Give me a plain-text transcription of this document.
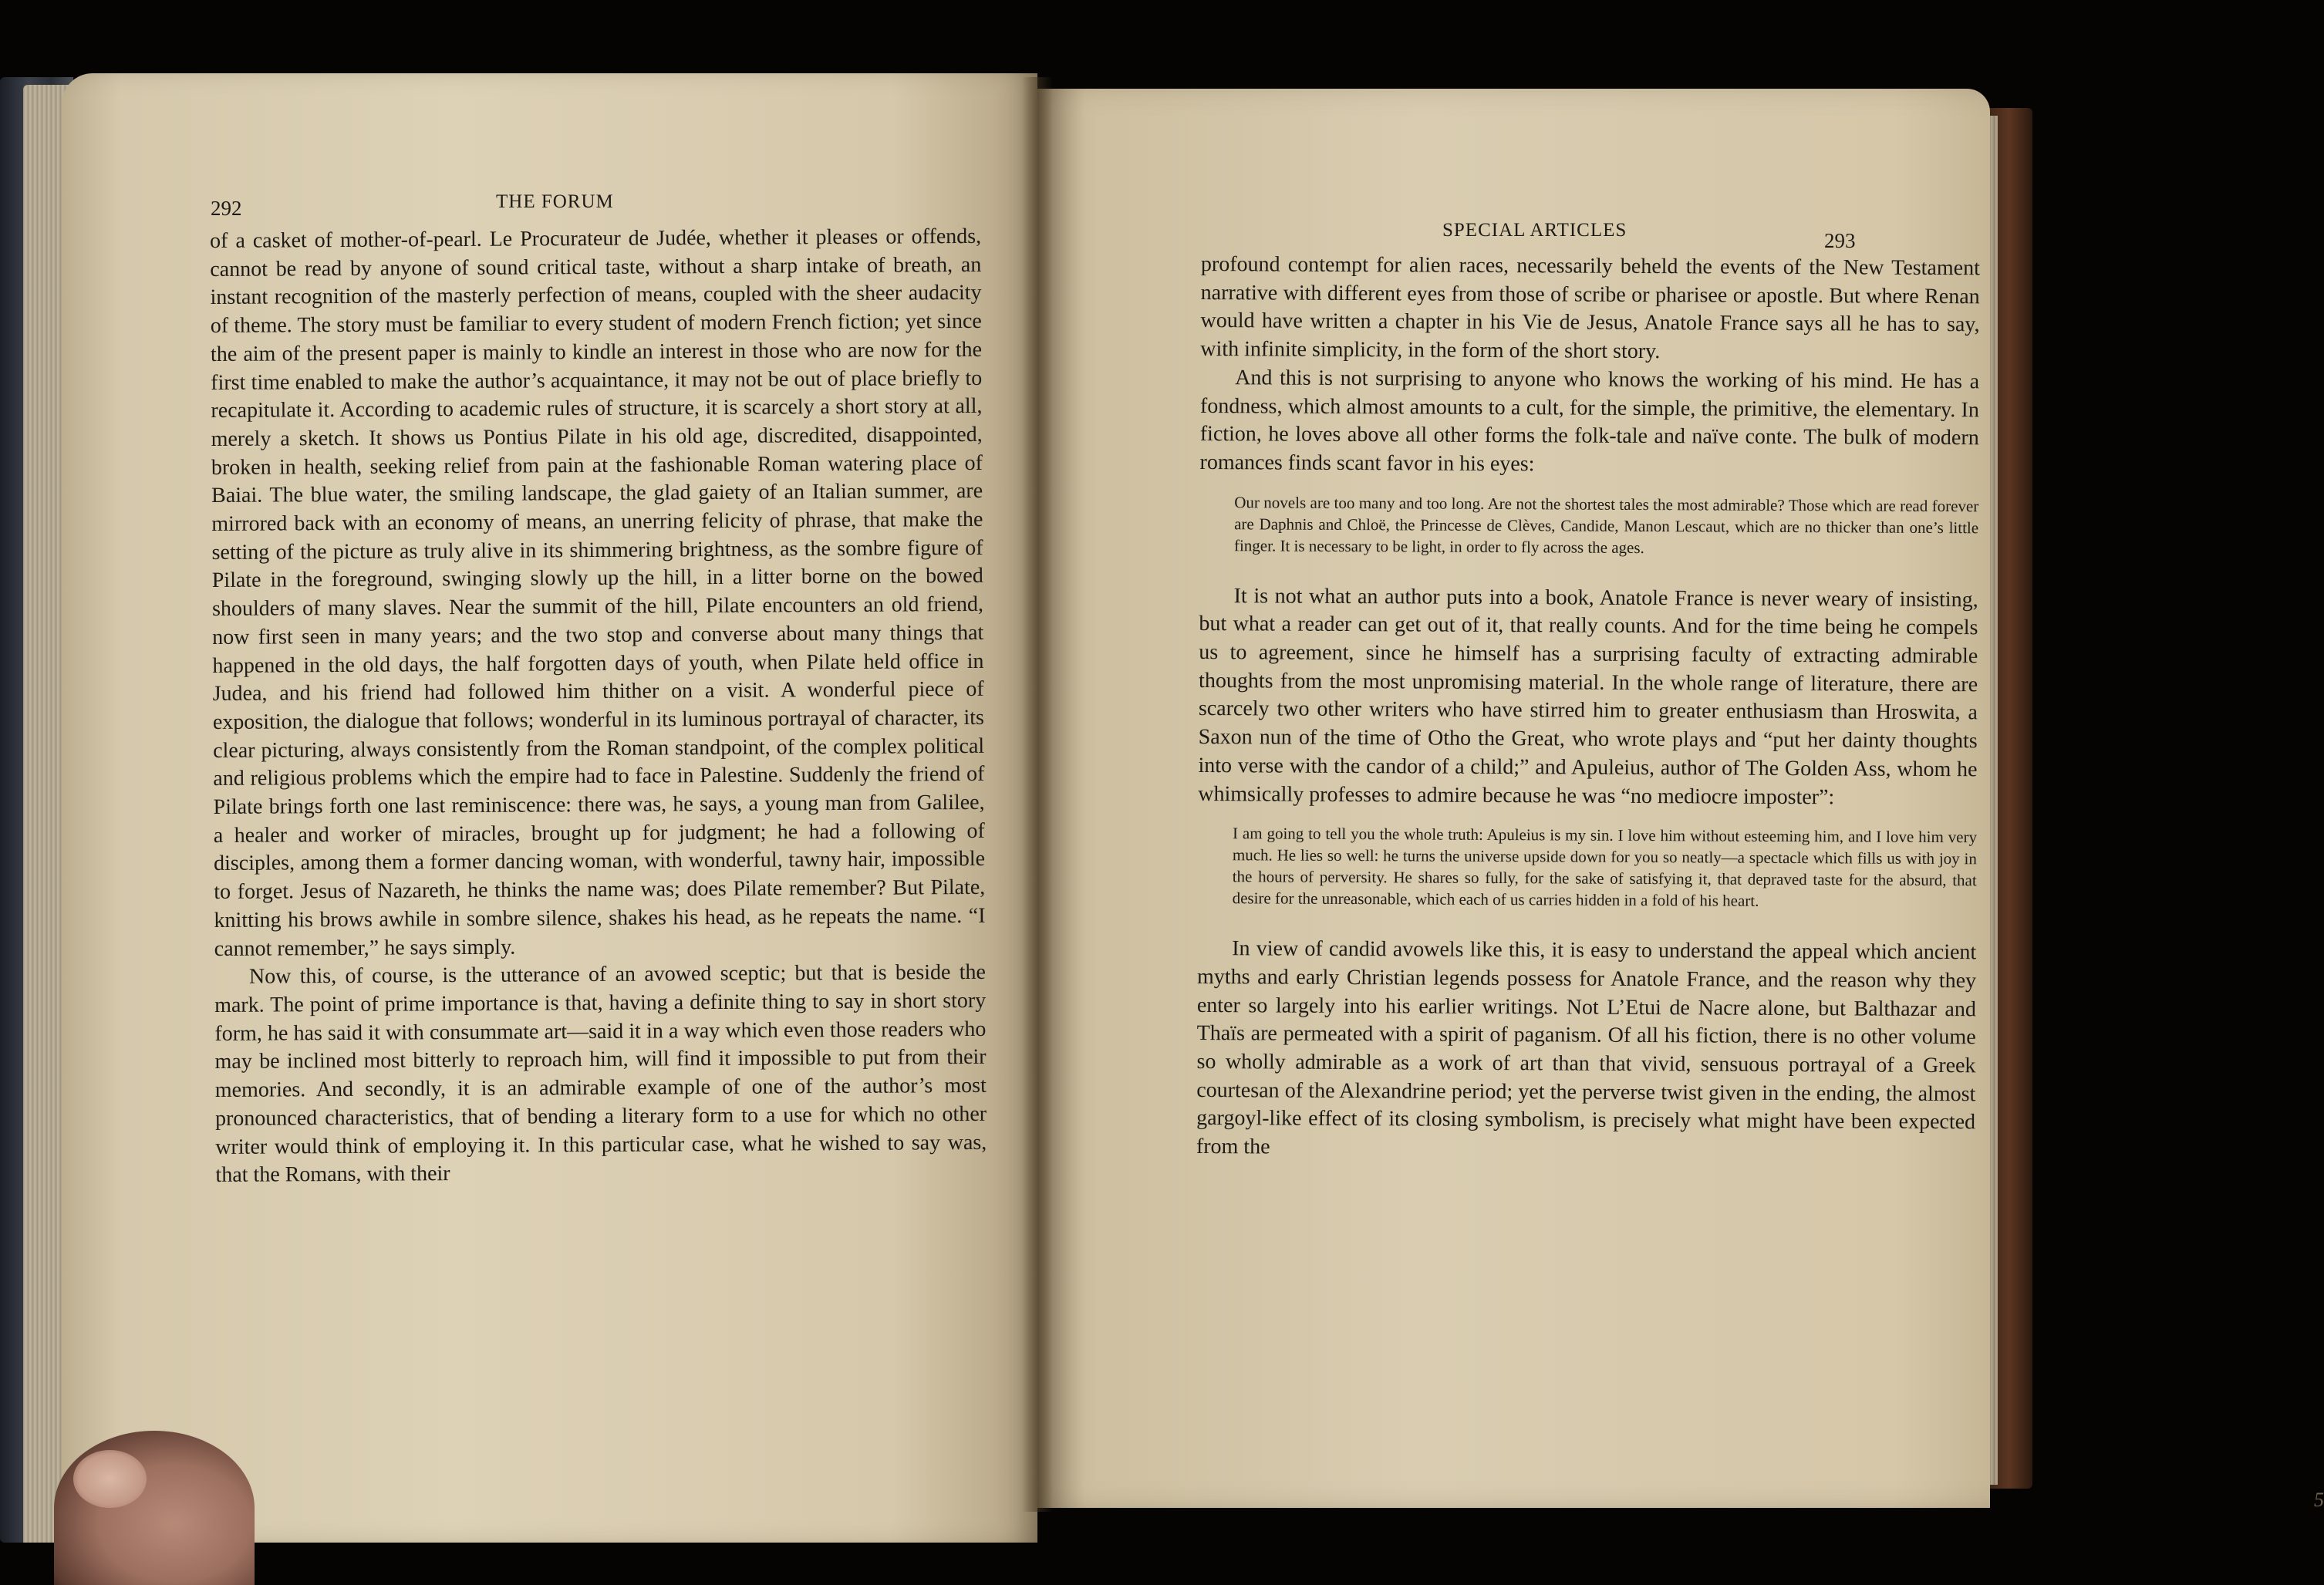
292	THE FORUM

of a casket of mother-of-pearl. Le Procurateur de Judée, whether it pleases or offends, cannot be read by anyone of sound critical taste, without a sharp intake of breath, an instant recognition of the masterly perfection of means, coupled with the sheer audacity of theme. The story must be familiar to every student of modern French fiction; yet since the aim of the present paper is mainly to kindle an interest in those who are now for the first time enabled to make the author’s acquaintance, it may not be out of place briefly to recapitulate it. According to academic rules of structure, it is scarcely a short story at all, merely a sketch. It shows us Pontius Pilate in his old age, discredited, disappointed, broken in health, seeking relief from pain at the fashionable Roman watering place of Baiai. The blue water, the smiling landscape, the glad gaiety of an Italian summer, are mirrored back with an economy of means, an unerring felicity of phrase, that make the setting of the picture as truly alive in its shimmering brightness, as the sombre figure of Pilate in the foreground, swinging slowly up the hill, in a litter borne on the bowed shoulders of many slaves. Near the summit of the hill, Pilate encounters an old friend, now first seen in many years; and the two stop and converse about many things that happened in the old days, the half forgotten days of youth, when Pilate held office in Judea, and his friend had followed him thither on a visit. A wonderful piece of exposition, the dialogue that follows; wonderful in its luminous portrayal of character, its clear picturing, always consistently from the Roman standpoint, of the complex political and religious problems which the empire had to face in Palestine. Suddenly the friend of Pilate brings forth one last reminiscence: there was, he says, a young man from Galilee, a healer and worker of miracles, brought up for judgment; he had a following of disciples, among them a former dancing woman, with wonderful, tawny hair, impossible to forget. Jesus of Nazareth, he thinks the name was; does Pilate remember? But Pilate, knitting his brows awhile in sombre silence, shakes his head, as he repeats the name. “I cannot remember,” he says simply.

Now this, of course, is the utterance of an avowed sceptic; but that is beside the mark. The point of prime importance is that, having a definite thing to say in short story form, he has said it with consummate art—said it in a way which even those readers who may be inclined most bitterly to reproach him, will find it impossible to put from their memories. And secondly, it is an admirable example of one of the author’s most pronounced characteristics, that of bending a literary form to a use for which no other writer would think of employing it. In this particular case, what he wished to say was, that the Romans, with their

SPECIAL ARTICLES	293

profound contempt for alien races, necessarily beheld the events of the New Testament narrative with different eyes from those of scribe or pharisee or apostle. But where Renan would have written a chapter in his Vie de Jesus, Anatole France says all he has to say, with infinite simplicity, in the form of the short story.

And this is not surprising to anyone who knows the working of his mind. He has a fondness, which almost amounts to a cult, for the simple, the primitive, the elementary. In fiction, he loves above all other forms the folk-tale and naïve conte. The bulk of modern romances finds scant favor in his eyes:

Our novels are too many and too long. Are not the shortest tales the most admirable? Those which are read forever are Daphnis and Chloë, the Princesse de Clèves, Candide, Manon Lescaut, which are no thicker than one’s little finger. It is necessary to be light, in order to fly across the ages.

It is not what an author puts into a book, Anatole France is never weary of insisting, but what a reader can get out of it, that really counts. And for the time being he compels us to agreement, since he himself has a surprising faculty of extracting admirable thoughts from the most unpromising material. In the whole range of literature, there are scarcely two other writers who have stirred him to greater enthusiasm than Hroswita, a Saxon nun of the time of Otho the Great, who wrote plays and “put her dainty thoughts into verse with the candor of a child;” and Apuleius, author of The Golden Ass, whom he whimsically professes to admire because he was “no mediocre imposter”:

I am going to tell you the whole truth: Apuleius is my sin. I love him without esteeming him, and I love him very much. He lies so well: he turns the universe upside down for you so neatly—a spectacle which fills us with joy in the hours of perversity. He shares so fully, for the sake of satisfying it, that depraved taste for the absurd, that desire for the unreasonable, which each of us carries hidden in a fold of his heart.

In view of candid avowels like this, it is easy to understand the appeal which ancient myths and early Christian legends possess for Anatole France, and the reason why they enter so largely into his earlier writings. Not L’Etui de Nacre alone, but Balthazar and Thaïs are permeated with a spirit of paganism. Of all his fiction, there is no other volume so wholly admirable as a work of art than that vivid, sensuous portrayal of a Greek courtesan of the Alexandrine period; yet the perverse twist given in the ending, the almost gargoyl-like effect of its closing symbolism, is precisely what might have been expected from the

5
